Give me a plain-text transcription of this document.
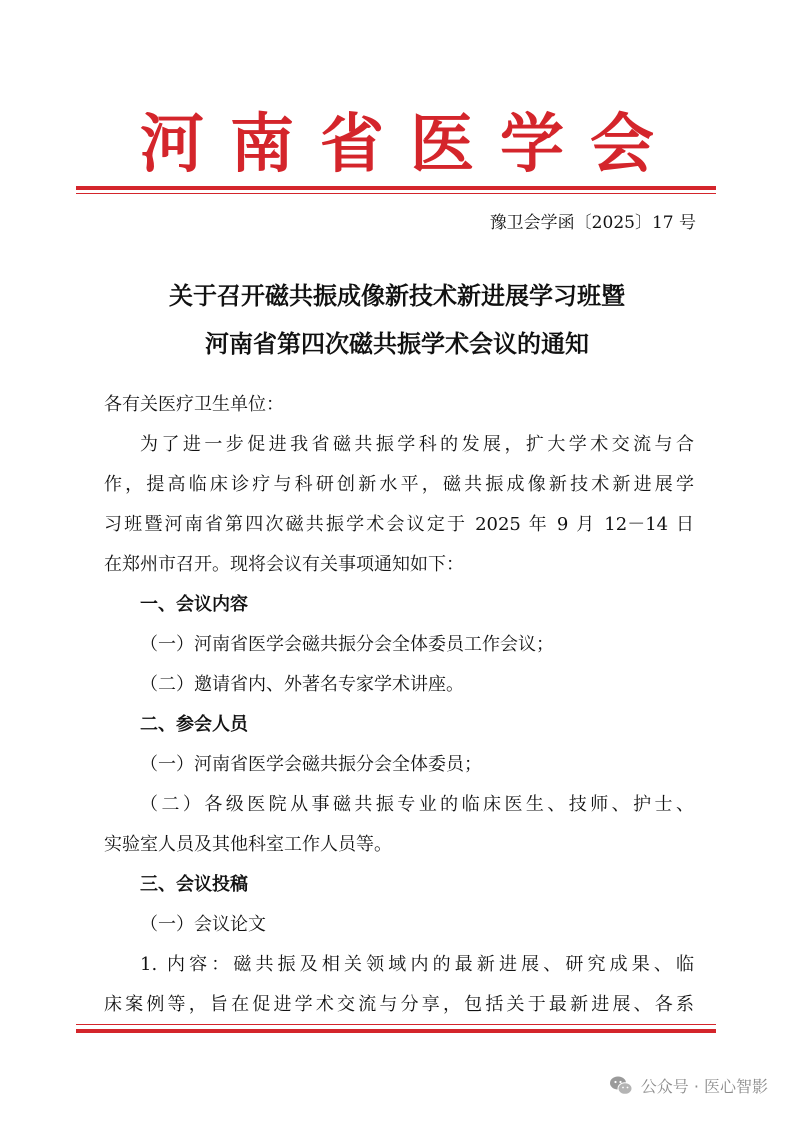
河南省医学会
豫卫会学函〔2025〕17 号
关于召开磁共振成像新技术新进展学习班暨
河南省第四次磁共振学术会议的通知

各有关医疗卫生单位：

为了进一步促进我省磁共振学科的发展，扩大学术交流与合

作，提高临床诊疗与科研创新水平，磁共振成像新技术新进展学

习班暨河南省第四次磁共振学术会议定于 2025 年 9 月 12－14 日

在郑州市召开。现将会议有关事项通知如下：

一、会议内容

（一）河南省医学会磁共振分会全体委员工作会议；

（二）邀请省内、外著名专家学术讲座。

二、参会人员

（一）河南省医学会磁共振分会全体委员；

（二）各级医院从事磁共振专业的临床医生、技师、护士、

实验室人员及其他科室工作人员等。

三、会议投稿

（一）会议论文

1. 内容：磁共振及相关领域内的最新进展、研究成果、临

床案例等，旨在促进学术交流与分享，包括关于最新进展、各系

公众号 · 医心智影
